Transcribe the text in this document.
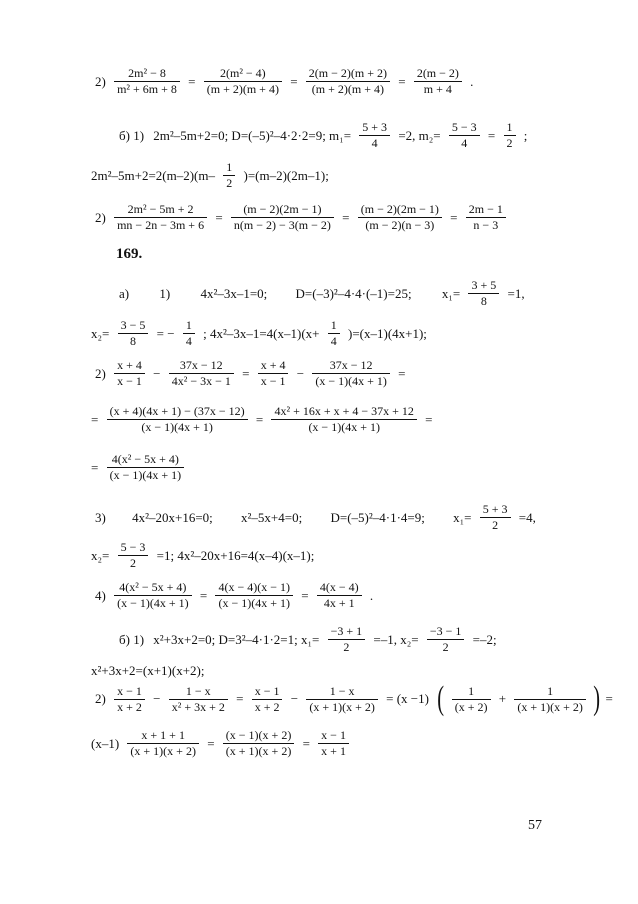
$2) \frac{\text{2m² − 8}}{\text{m² + 6m + 8}} = \frac{\text{2(m² − 4)}}{(m + 2)(m + 4)} = \frac{2(m - 2)(m + 2)}{(m + 2)(m + 4)} = \frac{2(m - 2)}{m + 4}$ .
б) 1) 2m²–5m+2=0; D=(–5)²–4·2·2=9; $m_1= \frac{5 + 3}{4} =2$, $m_2= \frac{5 - 3}{4} = \frac{1}{2}$ ;
$2m^2-5m+2=2(m-2)(m- \frac{1}{2} )=(m-2)(2m-1)$;
$2) \frac{\text{2m² − 5m + 2}}{mn - 2n - 3m + 6} = \frac{(m - 2)(2m - 1)}{n(m - 2) - 3(m - 2)} = \frac{(m - 2)(2m - 1)}{(m - 2)(n - 3)} = \frac{2m - 1}{n - 3}$
169.
а) 1) 4x²–3x–1=0; D=(–3)²–4·4·(–1)=25; $x_1= \frac{3 + 5}{8} =1$,
$x_2= \frac{3 - 5}{8}$ = − $\frac{1}{4}$ ; $4x^2-3x-1=4(x-1)(x+ \frac{1}{4} )=(x-1)(4x+1)$;
$2) \frac{x + 4}{x - 1} - \frac{37x - 12}{\text{4x² − 3x − 1}} = \frac{x + 4}{x - 1} - \frac{37x - 12}{(x - 1)(4x + 1)}$ =
= $\frac{(x + 4)(4x + 1) - (37x - 12)}{(x - 1)(4x + 1)} = \frac{\text{4x² + 16x + x + 4 − 37x + 12}}{(x - 1)(4x + 1)}$ =
= $\frac{\text{4(x² − 5x + 4)}}{(x - 1)(4x + 1)}$
3) 4x²–20x+16=0; x²–5x+4=0; D=(–5)²–4·1·4=9; $x_1= \frac{5 + 3}{2} =4$,
$x_2= \frac{5 - 3}{2} =1$; 4x²–20x+16=4(x–4)(x–1);
$4) \frac{\text{4(x² − 5x + 4)}}{(x - 1)(4x + 1)} = \frac{4(x - 4)(x - 1)}{(x - 1)(4x + 1)} = \frac{4(x - 4)}{4x + 1}$ .
б) 1) x²+3x+2=0; D=3²–4·1·2=1; $x_1= \frac{-3 + 1}{2} =-1$, $x_2= \frac{-3 - 1}{2} =-2$;
x²+3x+2=(x+1)(x+2);
$2) \frac{x - 1}{x + 2} - \frac{1 - x}{\text{x² + 3x + 2}} = \frac{x - 1}{x + 2} - \frac{1 - x}{(x + 1)(x + 2)} = (x -1)$ ( $\frac{1}{(x + 2)} + \frac{1}{(x + 1)(x + 2)}$ ) =
$(x-1) \frac{x + 1 + 1}{(x + 1)(x + 2)} = \frac{(x - 1)(x + 2)}{(x + 1)(x + 2)} = \frac{x - 1}{x + 1}$
57
